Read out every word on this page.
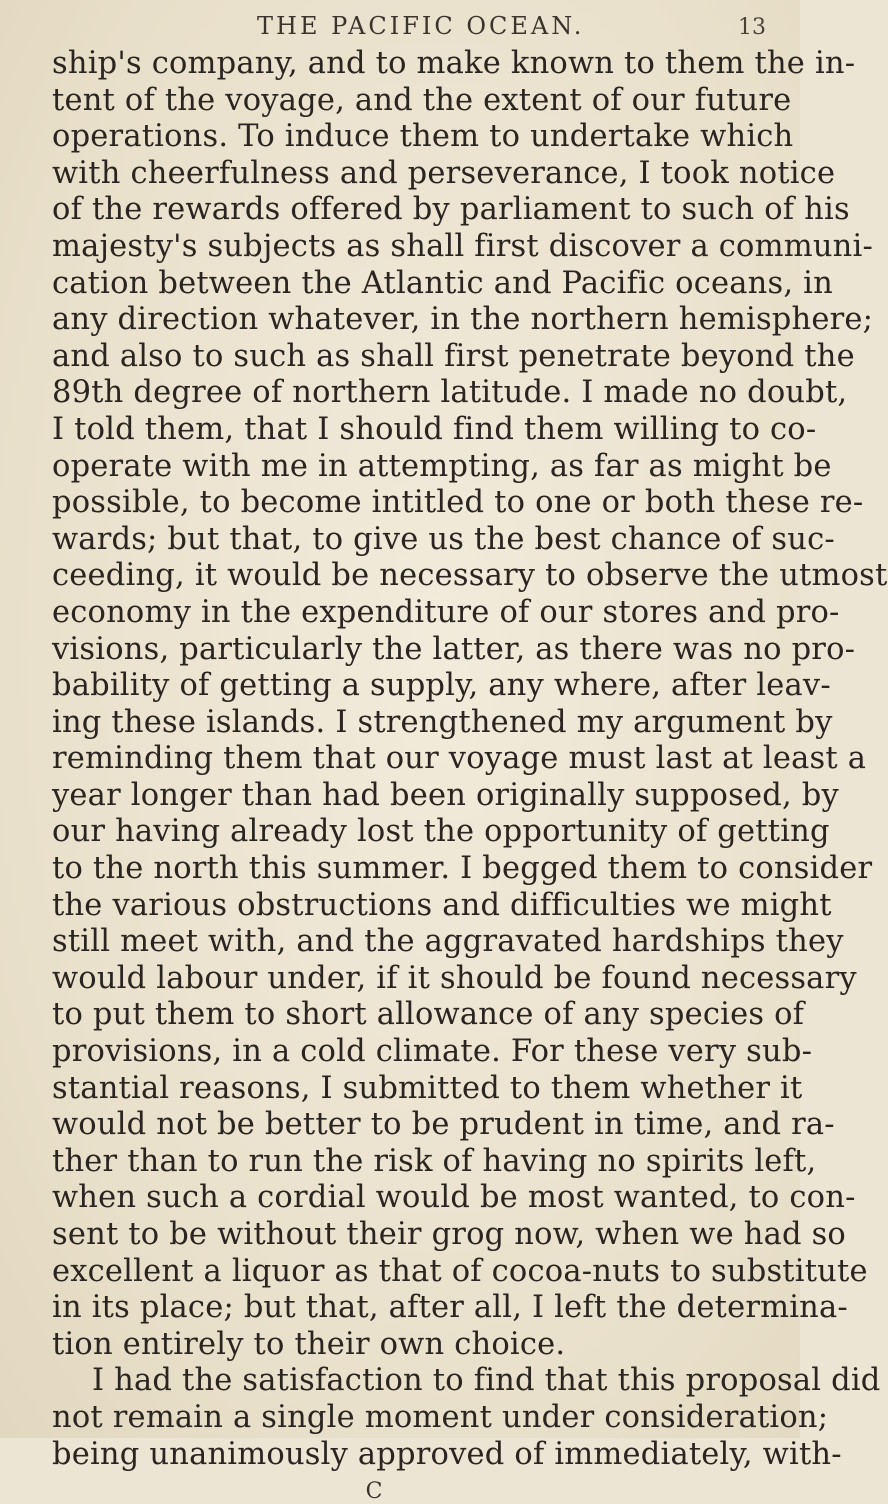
THE PACIFIC OCEAN.	13
ship's company, and to make known to them the in-
tent of the voyage, and the extent of our future
operations. To induce them to undertake which
with cheerfulness and perseverance, I took notice
of the rewards offered by parliament to such of his
majesty's subjects as shall first discover a communi-
cation between the Atlantic and Pacific oceans, in
any direction whatever, in the northern hemisphere;
and also to such as shall first penetrate beyond the
89th degree of northern latitude. I made no doubt,
I told them, that I should find them willing to co-
operate with me in attempting, as far as might be
possible, to become intitled to one or both these re-
wards; but that, to give us the best chance of suc-
ceeding, it would be necessary to observe the utmost
economy in the expenditure of our stores and pro-
visions, particularly the latter, as there was no pro-
bability of getting a supply, any where, after leav-
ing these islands. I strengthened my argument by
reminding them that our voyage must last at least a
year longer than had been originally supposed, by
our having already lost the opportunity of getting
to the north this summer. I begged them to consider
the various obstructions and difficulties we might
still meet with, and the aggravated hardships they
would labour under, if it should be found necessary
to put them to short allowance of any species of
provisions, in a cold climate. For these very sub-
stantial reasons, I submitted to them whether it
would not be better to be prudent in time, and ra-
ther than to run the risk of having no spirits left,
when such a cordial would be most wanted, to con-
sent to be without their grog now, when we had so
excellent a liquor as that of cocoa-nuts to substitute
in its place; but that, after all, I left the determina-
tion entirely to their own choice.
I had the satisfaction to find that this proposal did
not remain a single moment under consideration;
being unanimously approved of immediately, with-
C
